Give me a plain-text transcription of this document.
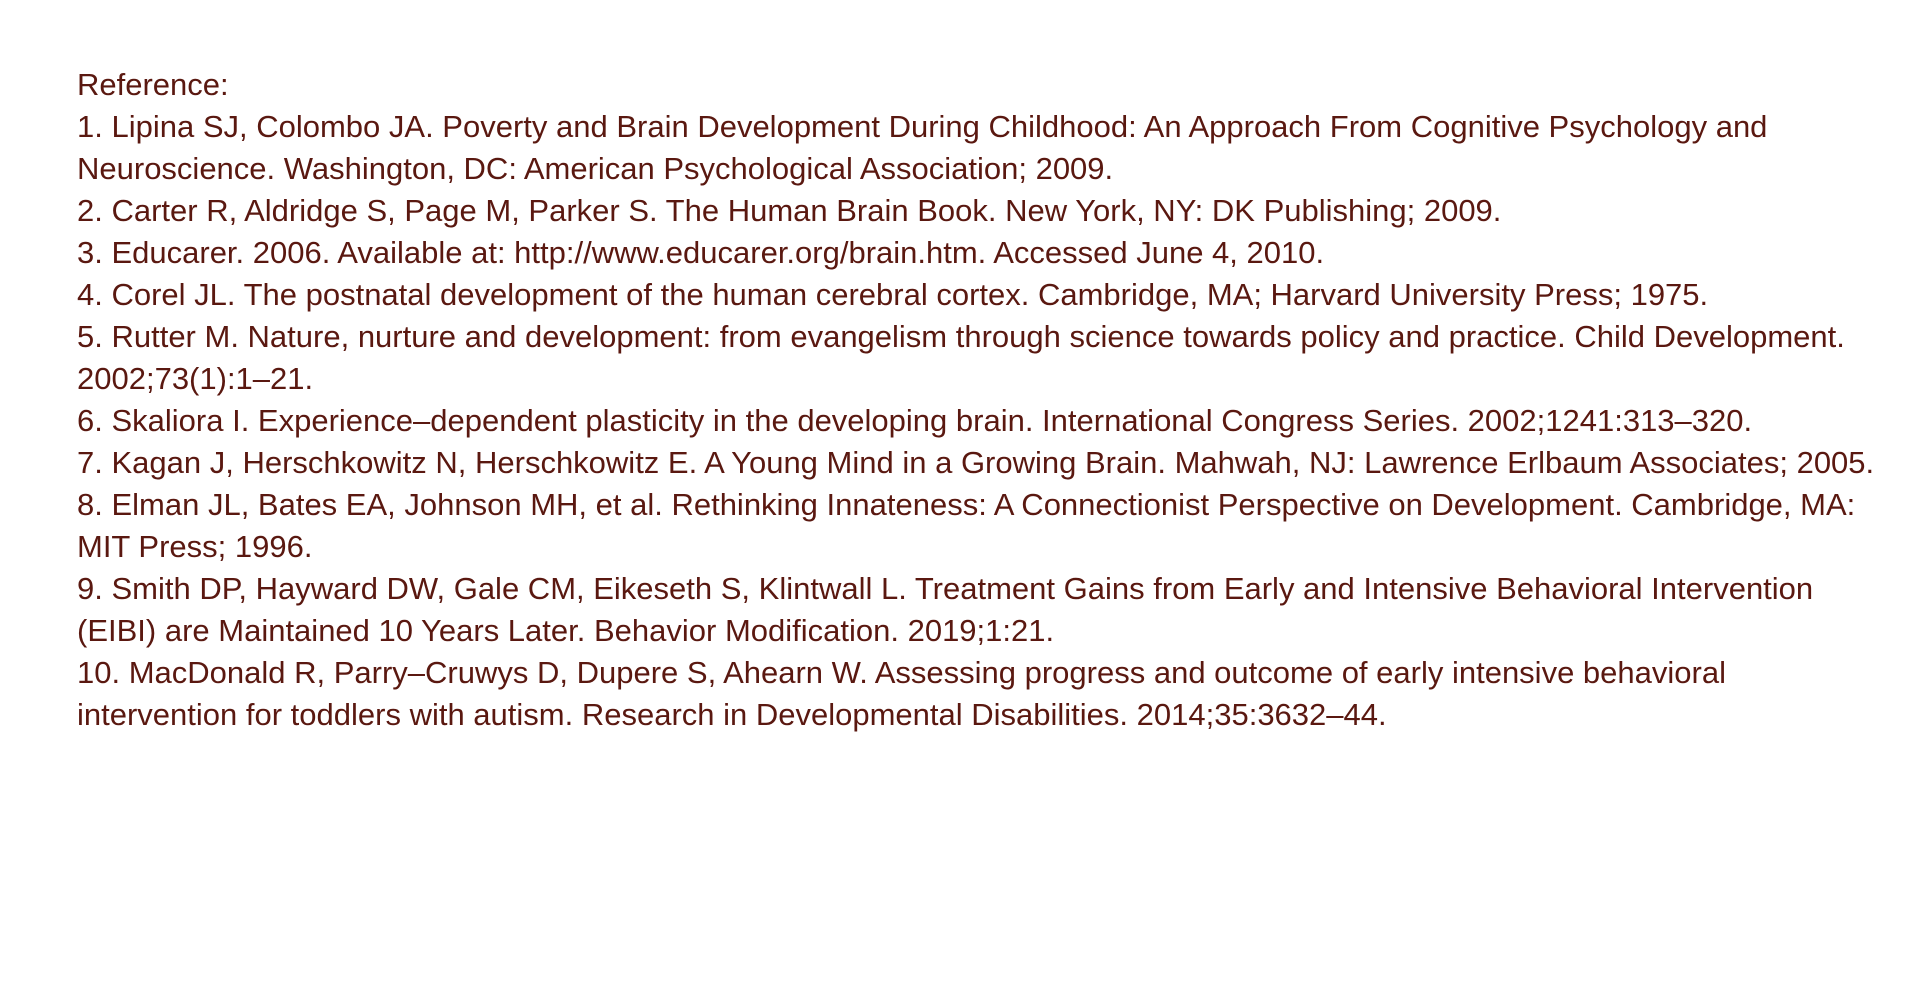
Reference:

1. Lipina SJ, Colombo JA. Poverty and Brain Development During Childhood: An Approach From Cognitive Psychology and Neuroscience. Washington, DC: American Psychological Association; 2009.

2. Carter R, Aldridge S, Page M, Parker S. The Human Brain Book. New York, NY: DK Publishing; 2009.

3. Educarer. 2006. Available at: http://www.educarer.org/brain.htm. Accessed June 4, 2010.

4. Corel JL. The postnatal development of the human cerebral cortex. Cambridge, MA; Harvard University Press; 1975.

5. Rutter M. Nature, nurture and development: from evangelism through science towards policy and practice. Child Development. 2002;73(1):1–21.

6. Skaliora I. Experience–dependent plasticity in the developing brain. International Congress Series. 2002;1241:313–320.

7. Kagan J, Herschkowitz N, Herschkowitz E. A Young Mind in a Growing Brain. Mahwah, NJ: Lawrence Erlbaum Associates; 2005.

8. Elman JL, Bates EA, Johnson MH, et al. Rethinking Innateness: A Connectionist Perspective on Development. Cambridge, MA: MIT Press; 1996.

9. Smith DP, Hayward DW, Gale CM, Eikeseth S, Klintwall L. Treatment Gains from Early and Intensive Behavioral Intervention (EIBI) are Maintained 10 Years Later. Behavior Modification. 2019;1:21.

10. MacDonald R, Parry–Cruwys D, Dupere S, Ahearn W. Assessing progress and outcome of early intensive behavioral intervention for toddlers with autism. Research in Developmental Disabilities. 2014;35:3632–44.
